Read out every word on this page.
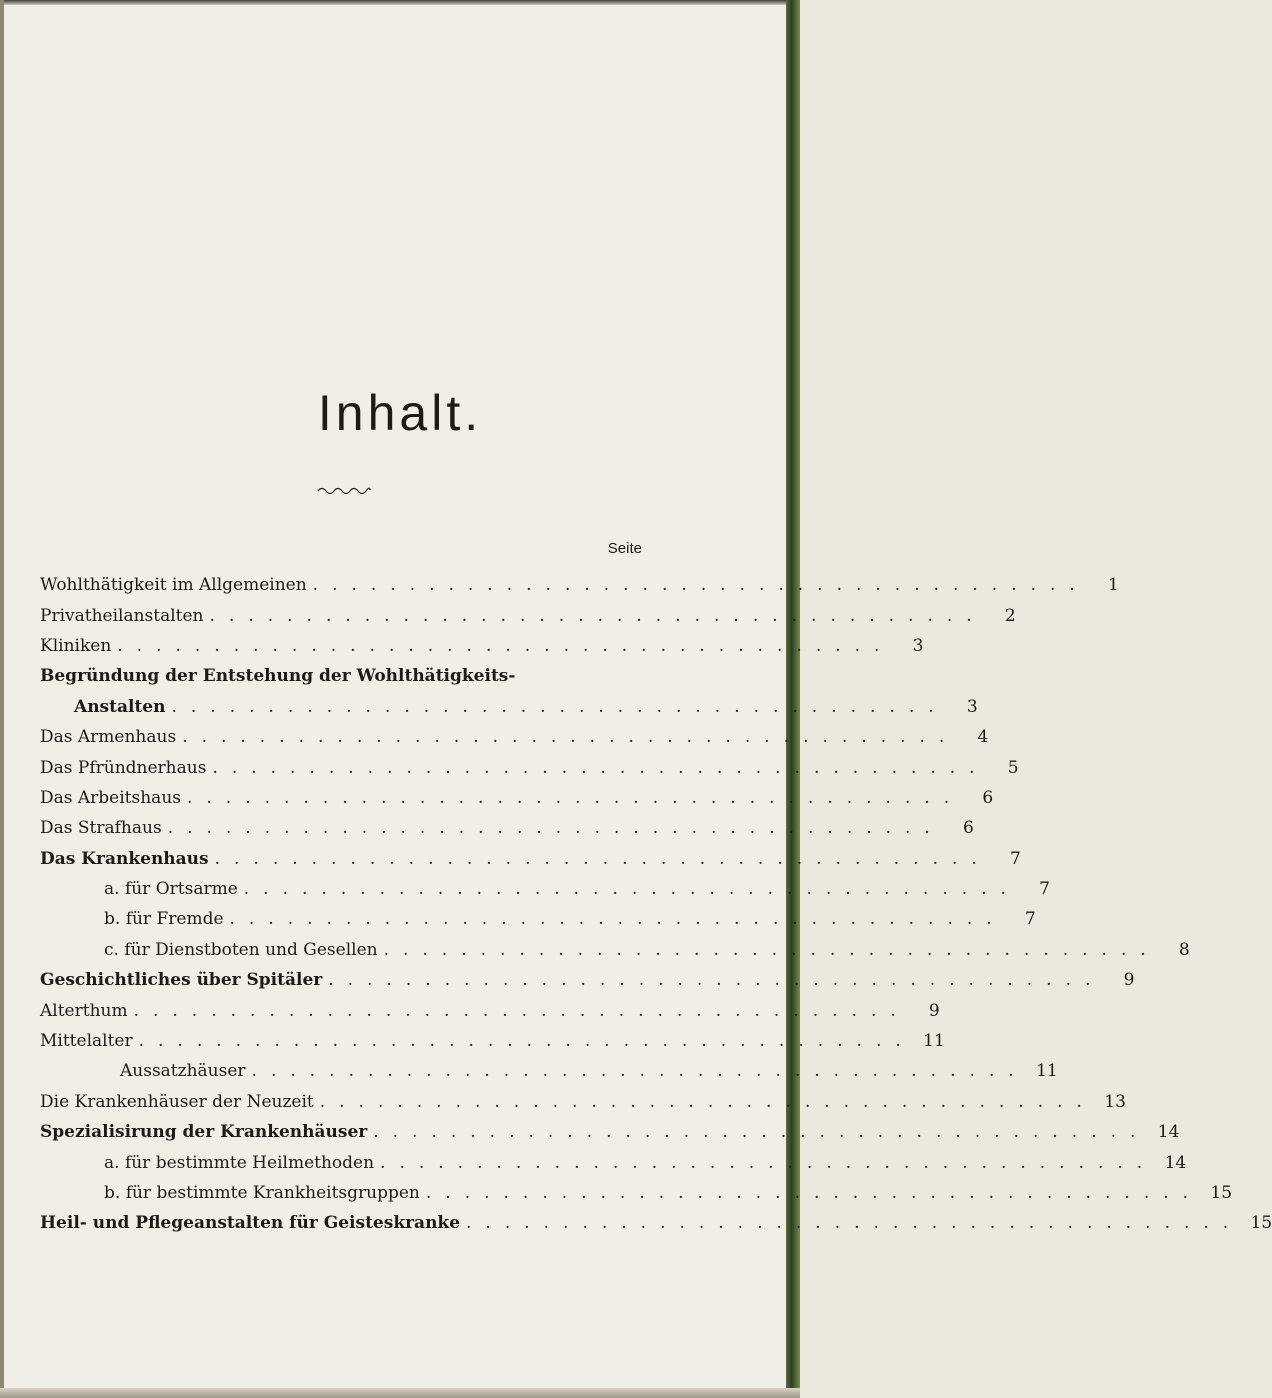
Inhalt.
Seite
Wohlthätigkeit im Allgemeinen ........................................	1
Privatheilanstalten ........................................	2
Kliniken ........................................	3
Begründung der Entstehung der Wohlthätigkeits-
Anstalten ........................................	3
Das Armenhaus ........................................	4
Das Pfründnerhaus ........................................	5
Das Arbeitshaus ........................................	6
Das Strafhaus ........................................	6
Das Krankenhaus ........................................	7
a. für Ortsarme ........................................	7
b. für Fremde ........................................	7
c. für Dienstboten und Gesellen ........................................	8
Geschichtliches über Spitäler ........................................	9
Alterthum ........................................	9
Mittelalter ........................................ 11
Aussatzhäuser ........................................ 11
Die Krankenhäuser der Neuzeit ........................................ 13
Spezialisirung der Krankenhäuser ........................................ 14
a. für bestimmte Heilmethoden ........................................ 14
b. für bestimmte Krankheitsgruppen ........................................ 15
Heil- und Pflegeanstalten für Geisteskranke ........................................ 15
